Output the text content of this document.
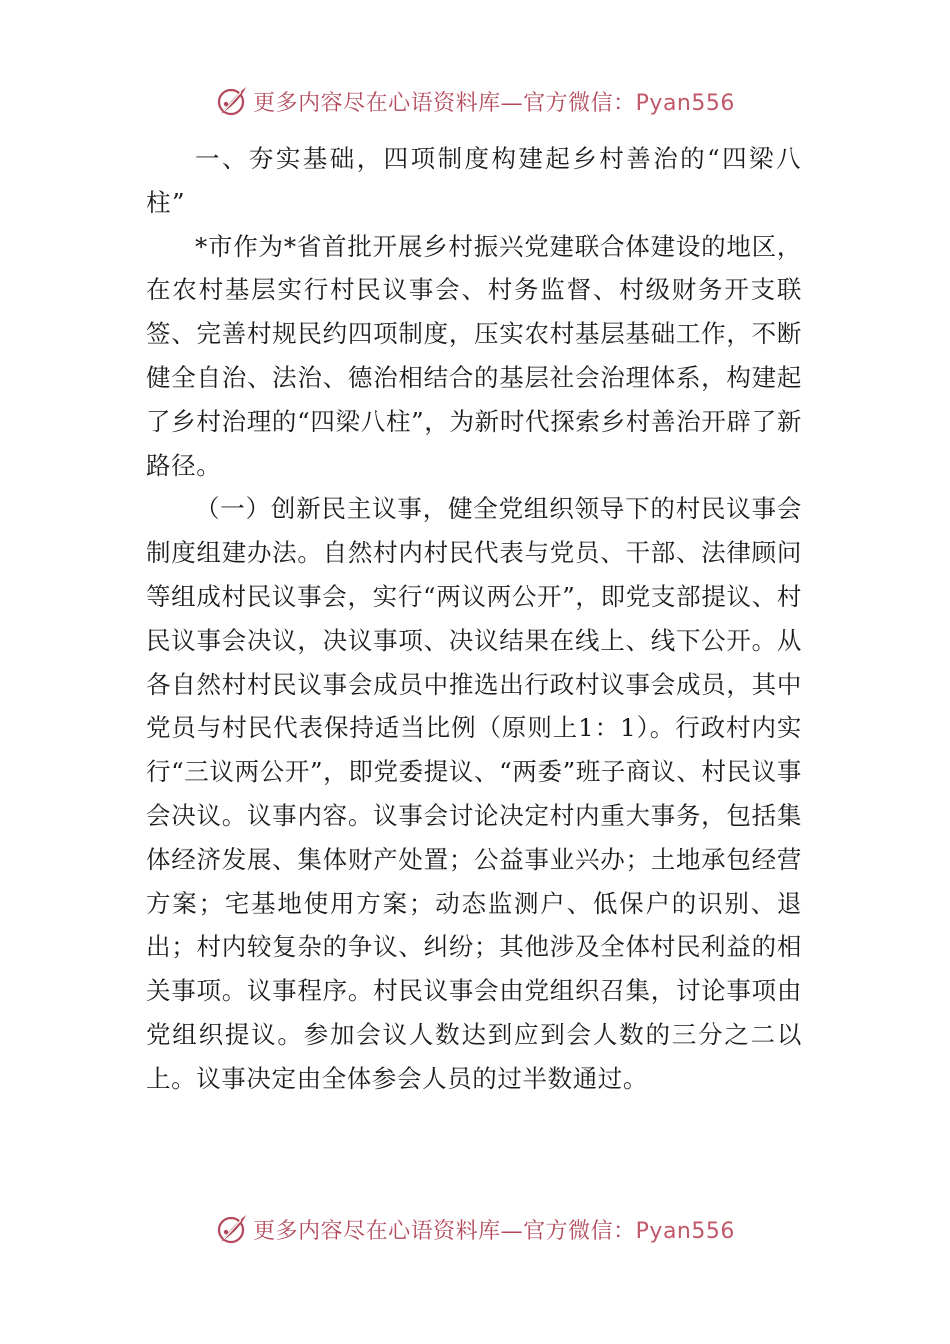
更多内容尽在心语资料库—官方微信：Pyan556

一、夯实基础，四项制度构建起乡村善治的“四梁八柱”

*市作为*省首批开展乡村振兴党建联合体建设的地区，在农村基层实行村民议事会、村务监督、村级财务开支联签、完善村规民约四项制度，压实农村基层基础工作，不断健全自治、法治、德治相结合的基层社会治理体系，构建起了乡村治理的“四梁八柱”，为新时代探索乡村善治开辟了新路径。

（一）创新民主议事，健全党组织领导下的村民议事会制度组建办法。自然村内村民代表与党员、干部、法律顾问等组成村民议事会，实行“两议两公开”，即党支部提议、村民议事会决议，决议事项、决议结果在线上、线下公开。从各自然村村民议事会成员中推选出行政村议事会成员，其中党员与村民代表保持适当比例（原则上1：1）。行政村内实行“三议两公开”，即党委提议、“两委”班子商议、村民议事会决议。议事内容。议事会讨论决定村内重大事务，包括集体经济发展、集体财产处置；公益事业兴办；土地承包经营方案；宅基地使用方案；动态监测户、低保户的识别、退出；村内较复杂的争议、纠纷；其他涉及全体村民利益的相关事项。议事程序。村民议事会由党组织召集，讨论事项由党组织提议。参加会议人数达到应到会人数的三分之二以上。议事决定由全体参会人员的过半数通过。

更多内容尽在心语资料库—官方微信：Pyan556
